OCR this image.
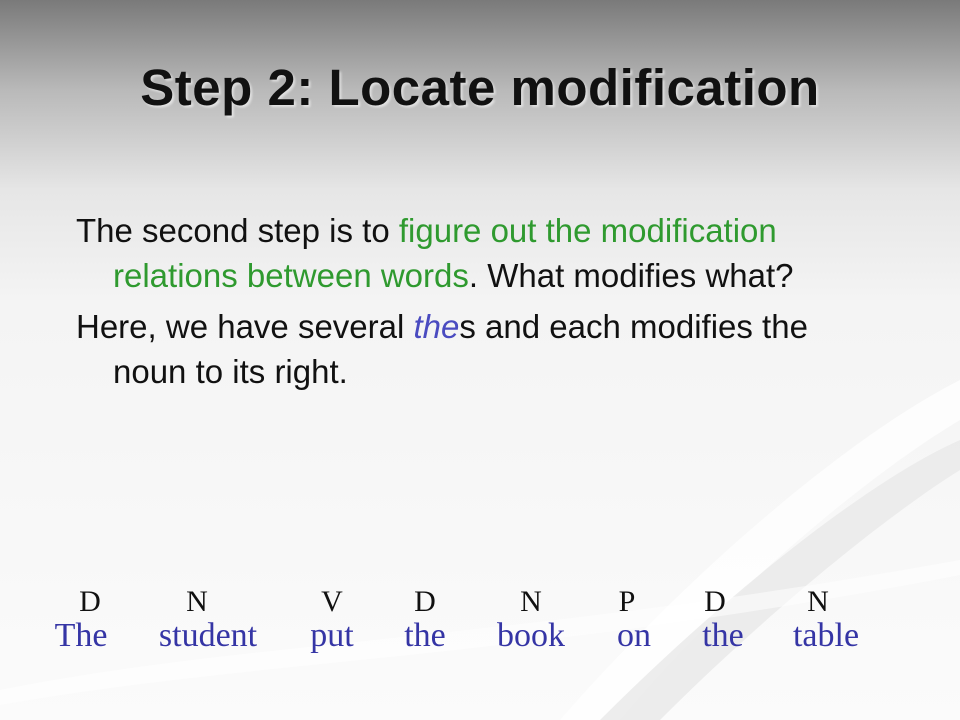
Step 2: Locate modification

The second step is to figure out the modification relations between words. What modifies what?

Here, we have several thes and each modifies the noun to its right.

D	N	V D	N	P D	N
The student put the book on the table
